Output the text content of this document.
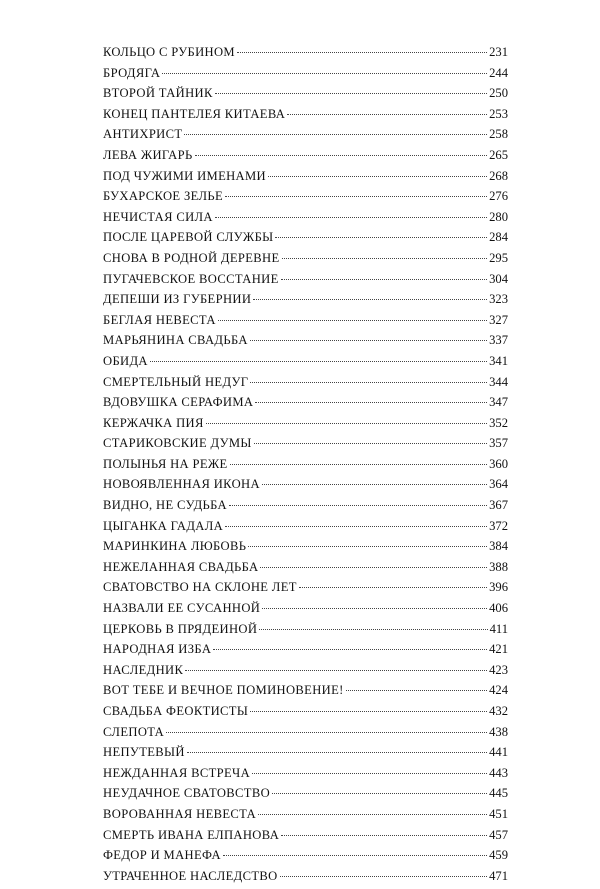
КОЛЬЦО С РУБИНОМ	231
БРОДЯГА	244
ВТОРОЙ ТАЙНИК	250
КОНЕЦ ПАНТЕЛЕЯ КИТАЕВА	253
АНТИХРИСТ	258
ЛЕВА ЖИГАРЬ	265
ПОД ЧУЖИМИ ИМЕНАМИ	268
БУХАРСКОЕ ЗЕЛЬЕ	276
НЕЧИСТАЯ СИЛА	280
ПОСЛЕ ЦАРЕВОЙ СЛУЖБЫ	284
СНОВА В РОДНОЙ ДЕРЕВНЕ	295
ПУГАЧЕВСКОЕ ВОССТАНИЕ	304
ДЕПЕШИ ИЗ ГУБЕРНИИ	323
БЕГЛАЯ НЕВЕСТА	327
МАРЬЯНИНА СВАДЬБА	337
ОБИДА	341
СМЕРТЕЛЬНЫЙ НЕДУГ	344
ВДОВУШКА СЕРАФИМА	347
КЕРЖАЧКА ПИЯ	352
СТАРИКОВСКИЕ ДУМЫ	357
ПОЛЫНЬЯ НА РЕЖЕ	360
НОВОЯВЛЕННАЯ ИКОНА	364
ВИДНО, НЕ СУДЬБА	367
ЦЫГАНКА ГАДАЛА	372
МАРИНКИНА ЛЮБОВЬ	384
НЕЖЕЛАННАЯ СВАДЬБА	388
СВАТОВСТВО НА СКЛОНЕ ЛЕТ	396
НАЗВАЛИ ЕЕ СУСАННОЙ	406
ЦЕРКОВЬ В ПРЯДЕИНОЙ	411
НАРОДНАЯ ИЗБА	421
НАСЛЕДНИК	423
ВОТ ТЕБЕ И ВЕЧНОЕ ПОМИНОВЕНИЕ!	424
СВАДЬБА ФЕОКТИСТЫ	432
СЛЕПОТА	438
НЕПУТЕВЫЙ	441
НЕЖДАННАЯ ВСТРЕЧА	443
НЕУДАЧНОЕ СВАТОВСТВО	445
ВОРОВАННАЯ НЕВЕСТА	451
СМЕРТЬ ИВАНА ЕЛПАНОВА	457
ФЕДОР И МАНЕФА	459
УТРАЧЕННОЕ НАСЛЕДСТВО	471
